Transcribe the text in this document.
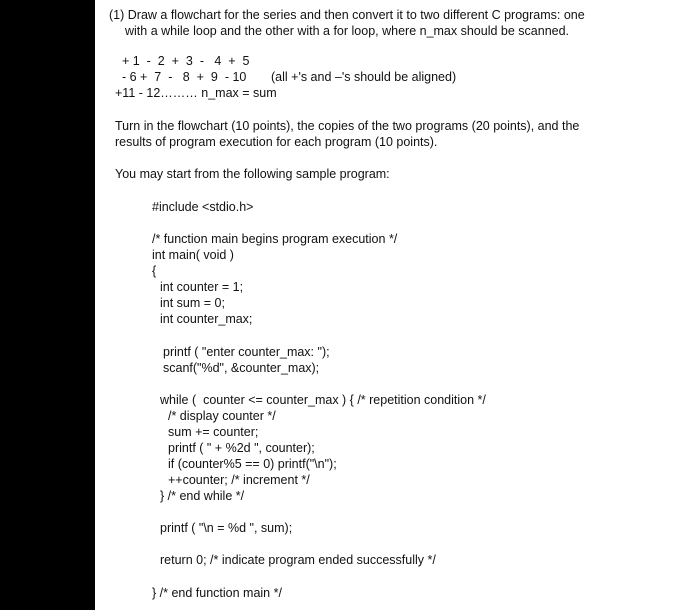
(1) Draw a flowchart for the series and then convert it to two different C programs: one
with a while loop and the other with a for loop, where n_max should be scanned.
+ 1  -  2  +  3  -   4  +  5
- 6 +  7  -   8  +  9  - 10 (all +'s and –'s should be aligned)
+11 - 12……… n_max = sum
Turn in the flowchart (10 points), the copies of the two programs (20 points), and the
results of program execution for each program (10 points).
You may start from the following sample program:
#include <stdio.h>
/* function main begins program execution */
int main( void )
{
int counter = 1;
int sum = 0;
int counter_max;
printf ( "enter counter_max: ");
scanf("%d", &counter_max);
while (  counter <= counter_max ) { /* repetition condition */
/* display counter */
sum += counter;
printf ( " + %2d ", counter);
if (counter%5 == 0) printf("\n");
++counter; /* increment */
} /* end while */
printf ( "\n = %d ", sum);
return 0; /* indicate program ended successfully */
} /* end function main */
